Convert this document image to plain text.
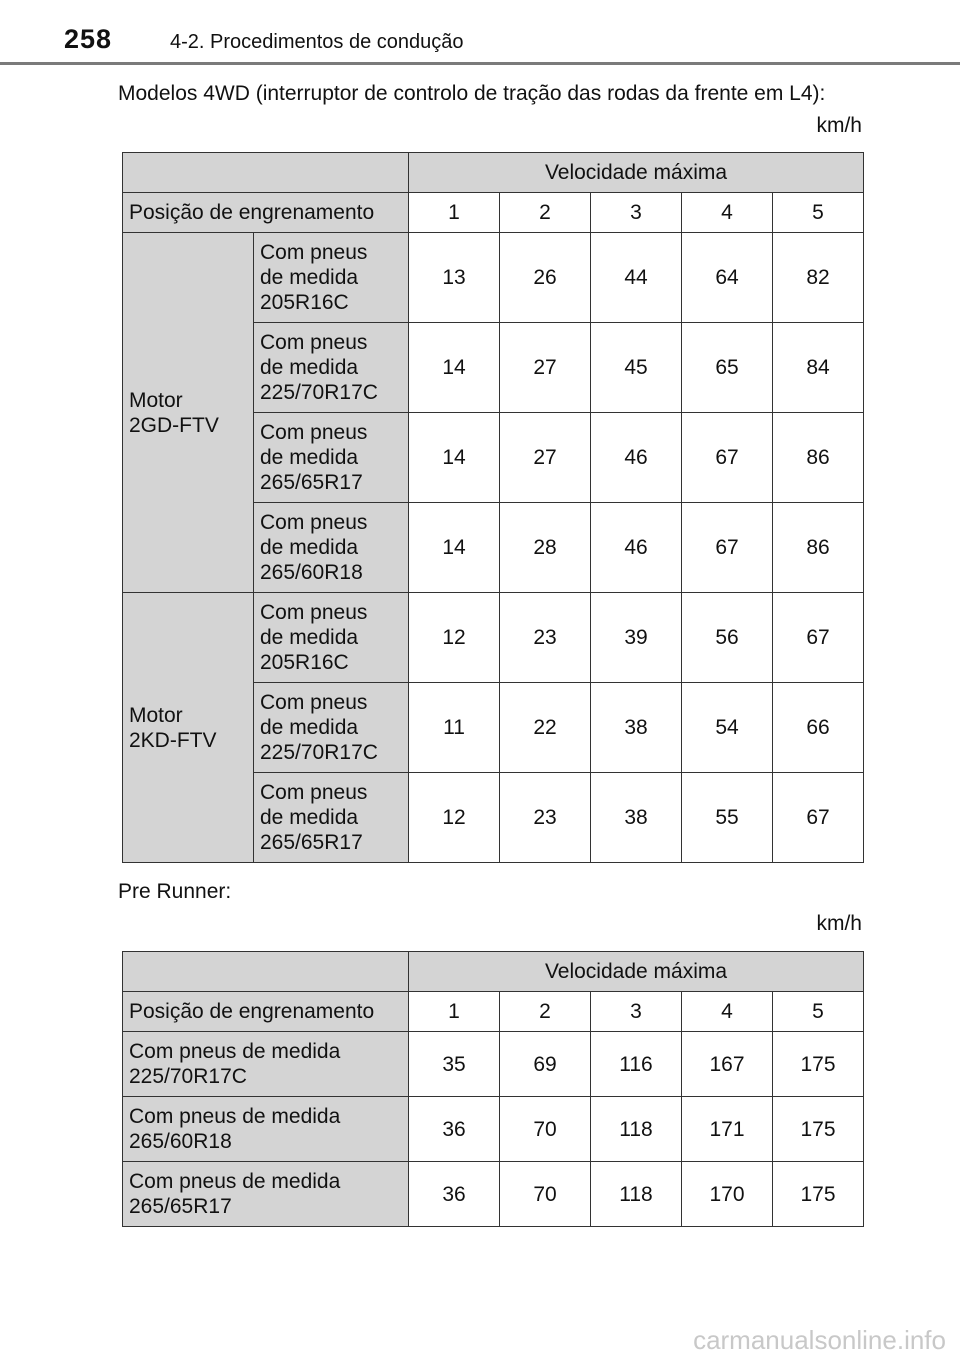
258	4-2. Procedimentos de condução
Modelos 4WD (interruptor de controlo de tração das rodas da frente em L4):
km/h
		Velocidade máxima				
Posição de engrenamento		1	2	3	4	5
Motor
2GD-FTV	Com pneus
de medida
205R16C	13	26	44	64	82
	Com pneus
de medida
225/70R17C	14	27	45	65	84
	Com pneus
de medida
265/65R17	14	27	46	67	86
	Com pneus
de medida
265/60R18	14	28	46	67	86
Motor
2KD-FTV	Com pneus
de medida
205R16C	12	23	39	56	67
	Com pneus
de medida
225/70R17C	11	22	38	54	66
	Com pneus
de medida
265/65R17	12	23	38	55	67
Pre Runner:
km/h
	Velocidade máxima				
Posição de engrenamento	1	2	3	4	5
Com pneus de medida
225/70R17C	35	69	116	167	175
Com pneus de medida
265/60R18	36	70	118	171	175
Com pneus de medida
265/65R17	36	70	118	170	175
carmanualsonline.info
